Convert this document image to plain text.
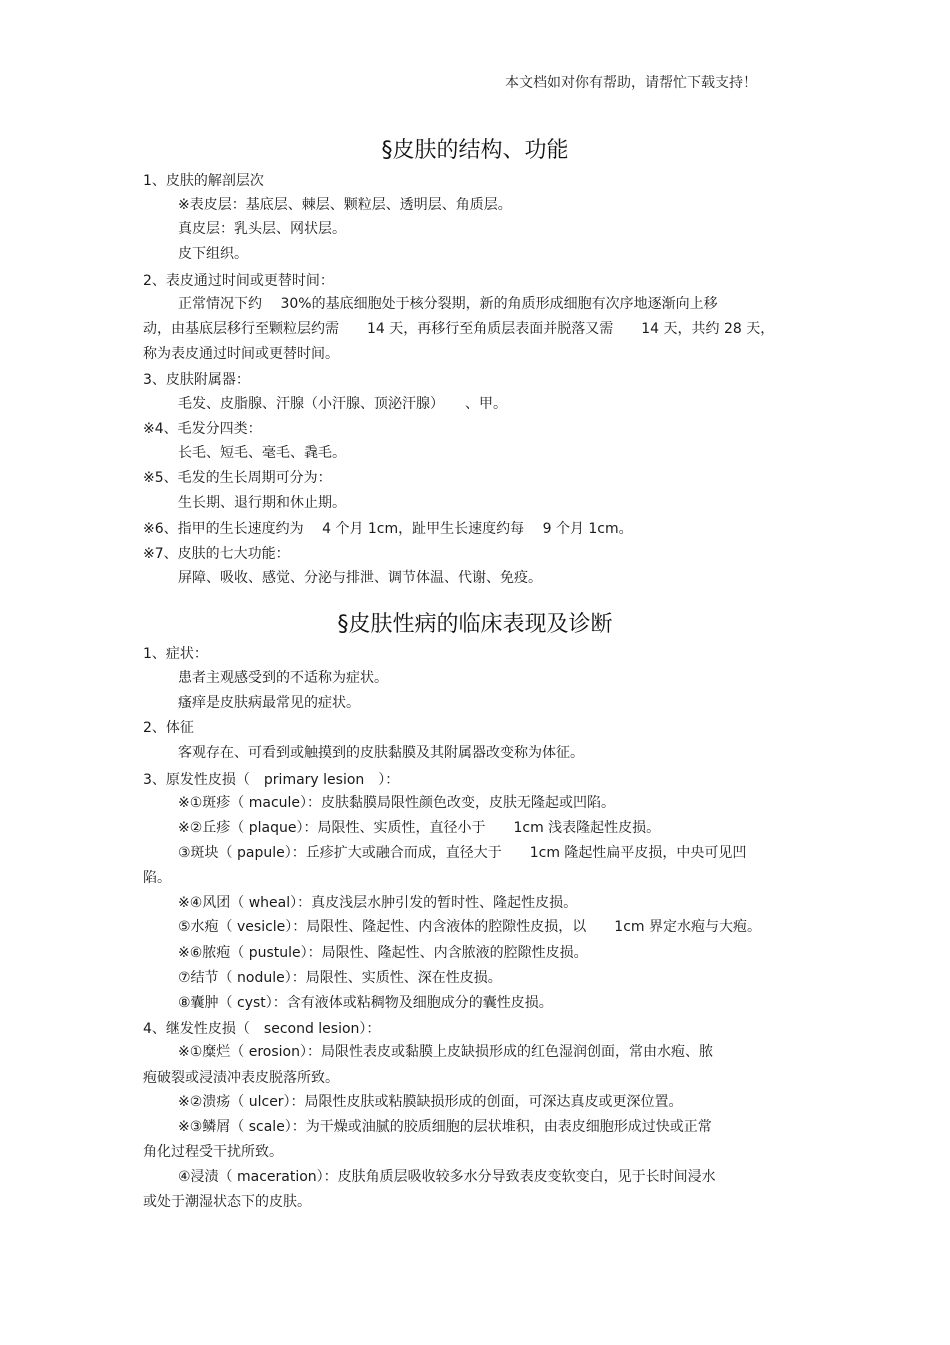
本文档如对你有帮助，请帮忙下载支持！
§皮肤的结构、功能
1、皮肤的解剖层次
※表皮层：基底层、棘层、颗粒层、透明层、角质层。
真皮层：乳头层、网状层。
皮下组织。
2、表皮通过时间或更替时间：
正常情况下约　 30%的基底细胞处于核分裂期，新的角质形成细胞有次序地逐渐向上移
动，由基底层移行至颗粒层约需　　14 天，再移行至角质层表面并脱落又需　　14 天，共约 28 天，
称为表皮通过时间或更替时间。
3、皮肤附属器：
毛发、皮脂腺、汗腺（小汗腺、顶泌汗腺）　　、甲。
※4、毛发分四类：
长毛、短毛、毫毛、毳毛。
※5、毛发的生长周期可分为：
生长期、退行期和休止期。
※6、指甲的生长速度约为　 4 个月 1cm，趾甲生长速度约每　 9 个月 1cm。
※7、皮肤的七大功能：
屏障、吸收、感觉、分泌与排泄、调节体温、代谢、免疫。
§皮肤性病的临床表现及诊断
1、症状：
患者主观感受到的不适称为症状。
瘙痒是皮肤病最常见的症状。
2、体征
客观存在、可看到或触摸到的皮肤黏膜及其附属器改变称为体征。
3、原发性皮损（　primary lesion　）：
※①斑疹（ macule）：皮肤黏膜局限性颜色改变，皮肤无隆起或凹陷。
※②丘疹（ plaque）：局限性、实质性，直径小于　　1cm 浅表隆起性皮损。
③斑块（ papule）：丘疹扩大或融合而成，直径大于　　1cm 隆起性扁平皮损，中央可见凹
陷。
※④风团（ wheal）：真皮浅层水肿引发的暂时性、隆起性皮损。
⑤水疱（ vesicle）：局限性、隆起性、内含液体的腔隙性皮损，以　　1cm 界定水疱与大疱。
※⑥脓疱（ pustule）：局限性、隆起性、内含脓液的腔隙性皮损。
⑦结节（ nodule）：局限性、实质性、深在性皮损。
⑧囊肿（ cyst）：含有液体或粘稠物及细胞成分的囊性皮损。
4、继发性皮损（　second lesion）：
※①糜烂（ erosion）：局限性表皮或黏膜上皮缺损形成的红色湿润创面，常由水疱、脓
疱破裂或浸渍冲表皮脱落所致。
※②溃疡（ ulcer）：局限性皮肤或粘膜缺损形成的创面，可深达真皮或更深位置。
※③鳞屑（ scale）：为干燥或油腻的胶质细胞的层状堆积，由表皮细胞形成过快或正常
角化过程受干扰所致。
④浸渍（ maceration）：皮肤角质层吸收较多水分导致表皮变软变白，见于长时间浸水
或处于潮湿状态下的皮肤。
